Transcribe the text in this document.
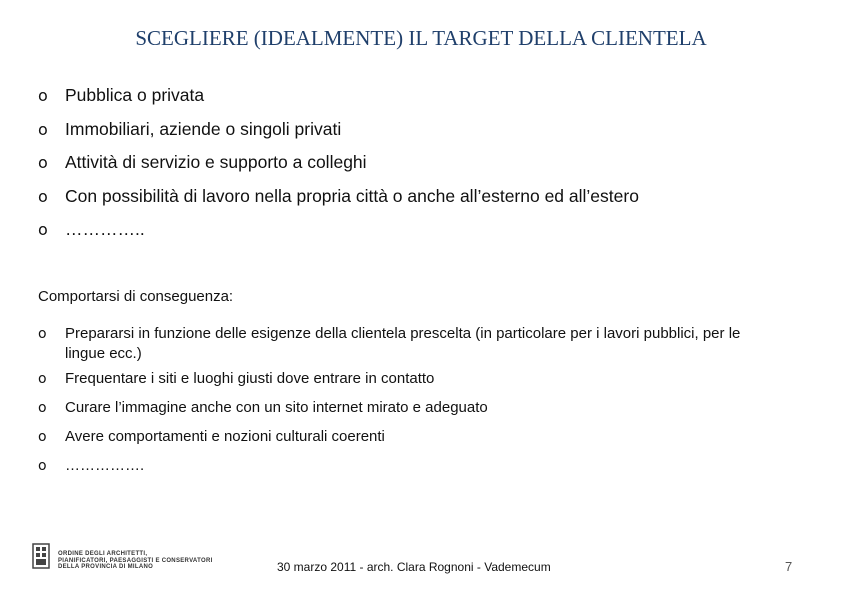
SCEGLIERE (IDEALMENTE) IL TARGET DELLA CLIENTELA
o Pubblica o privata
o Immobiliari, aziende o singoli privati
o Attività di servizio e supporto a colleghi
o Con possibilità di lavoro nella propria città o anche all’esterno ed all’estero
o …………..
Comportarsi di conseguenza:
o	Prepararsi in funzione delle esigenze della clientela prescelta (in particolare per i lavori pubblici, per le lingue ecc.)
o	Frequentare i siti e luoghi giusti dove entrare in contatto
o	Curare l’immagine anche con un sito internet mirato e adeguato
o	Avere comportamenti e nozioni culturali coerenti
o	…………….
ORDINE DEGLI ARCHITETTI,
PIANIFICATORI, PAESAGGISTI E CONSERVATORI
DELLA PROVINCIA DI MILANO	30 marzo 2011 - arch. Clara Rognoni - Vademecum	7
